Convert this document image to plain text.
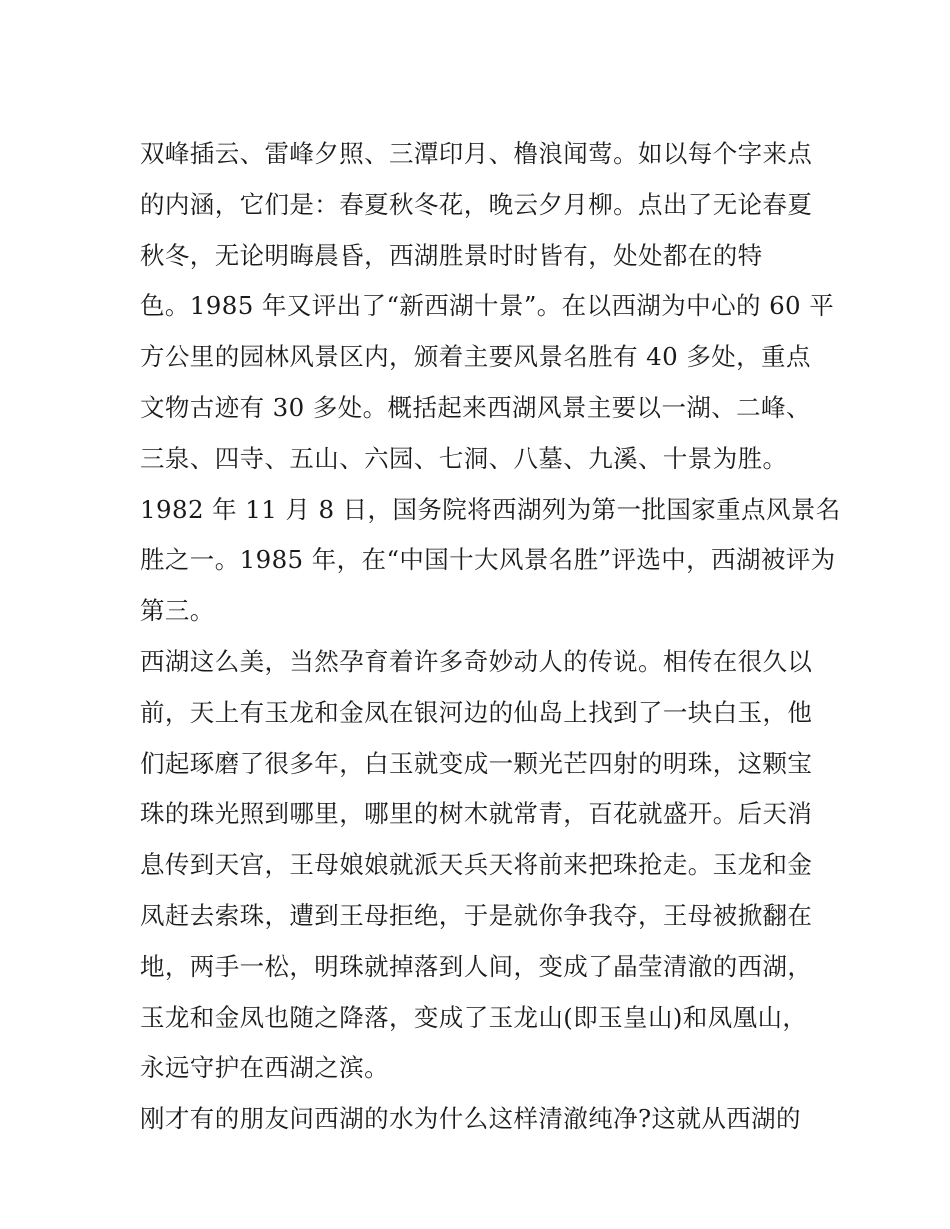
双峰插云、雷峰夕照、三潭印月、橹浪闻莺。如以每个字来点
的内涵，它们是：春夏秋冬花，晚云夕月柳。点出了无论春夏
秋冬，无论明晦晨昏，西湖胜景时时皆有，处处都在的特
色。1985 年又评出了“新西湖十景”。在以西湖为中心的 60 平
方公里的园林风景区内，颁着主要风景名胜有 40 多处，重点
文物古迹有 30 多处。概括起来西湖风景主要以一湖、二峰、
三泉、四寺、五山、六园、七洞、八墓、九溪、十景为胜。
1982 年 11 月 8 日，国务院将西湖列为第一批国家重点风景名
胜之一。1985 年，在“中国十大风景名胜”评选中，西湖被评为
第三。
西湖这么美，当然孕育着许多奇妙动人的传说。相传在很久以
前，天上有玉龙和金凤在银河边的仙岛上找到了一块白玉，他
们起琢磨了很多年，白玉就变成一颗光芒四射的明珠，这颗宝
珠的珠光照到哪里，哪里的树木就常青，百花就盛开。后天消
息传到天宫，王母娘娘就派天兵天将前来把珠抢走。玉龙和金
凤赶去索珠，遭到王母拒绝，于是就你争我夺，王母被掀翻在
地，两手一松，明珠就掉落到人间，变成了晶莹清澈的西湖，
玉龙和金凤也随之降落，变成了玉龙山(即玉皇山)和凤凰山，
永远守护在西湖之滨。
刚才有的朋友问西湖的水为什么这样清澈纯净?这就从西湖的
